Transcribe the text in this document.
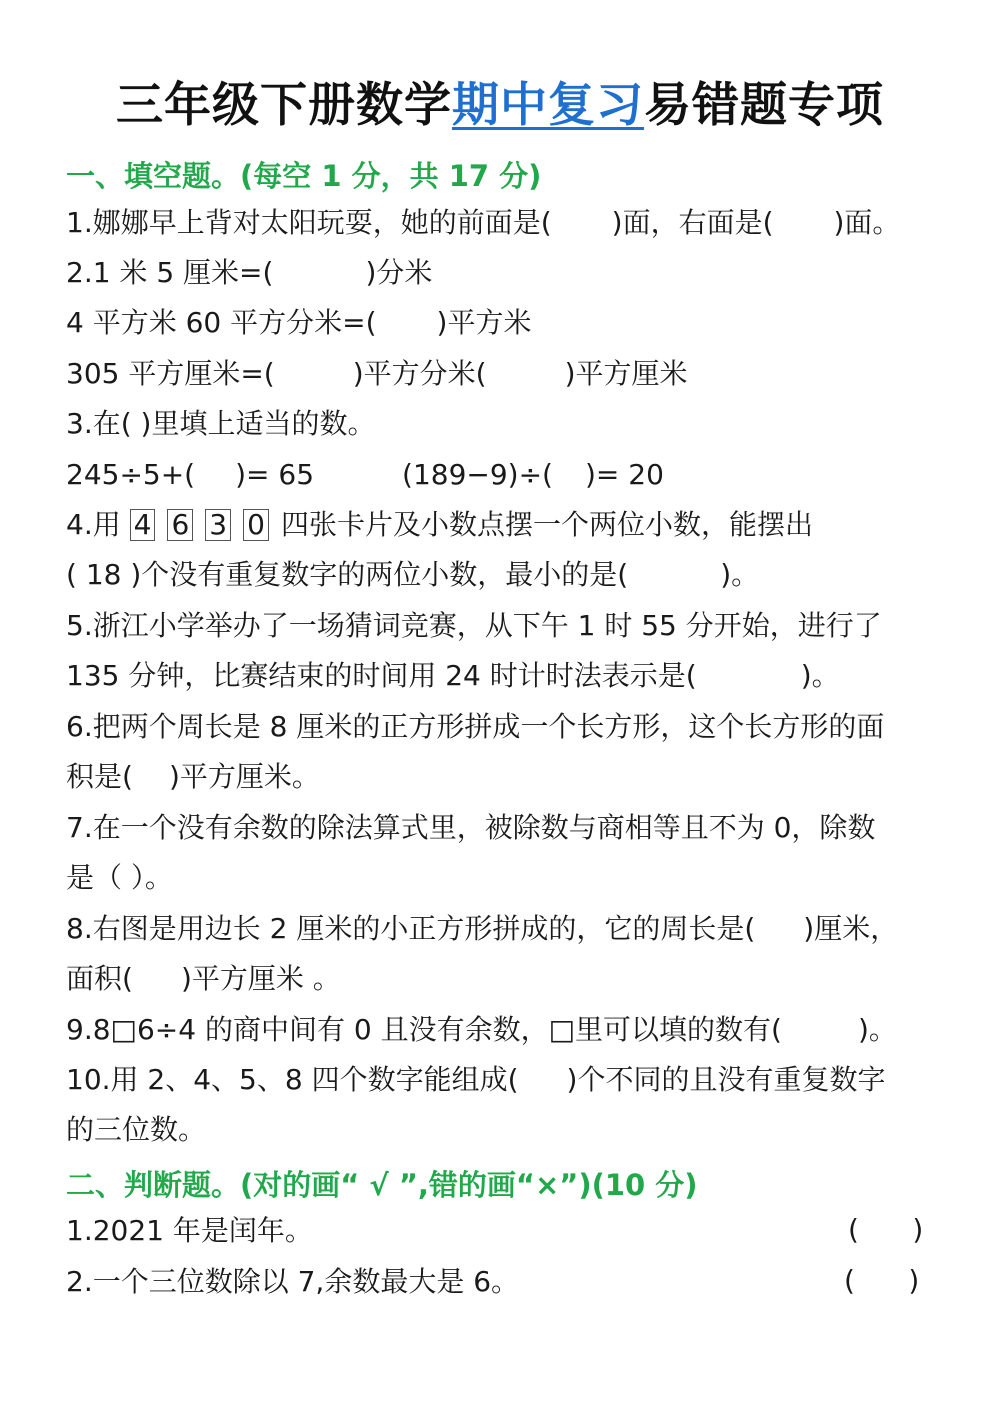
三年级下册数学期中复习易错题专项
一、填空题。(每空 1 分，共 17 分)
1.娜娜早上背对太阳玩耍，她的前面是( )面，右面是( )面。
2.1 米 5 厘米=(	)分米
4 平方米 60 平方分米=( )平方米
305 平方厘米=(	)平方分米(	)平方厘米
3.在( )里填上适当的数。
245÷5+( )= 65	(189−9)÷( )= 20
4.用 4 6 3 0 四张卡片及小数点摆一个两位小数，能摆出
( 18 )个没有重复数字的两位小数，最小的是(	)。
5.浙江小学举办了一场猜词竞赛，从下午 1 时 55 分开始，进行了
135 分钟，比赛结束的时间用 24 时计时法表示是(	)。
6.把两个周长是 8 厘米的正方形拼成一个长方形，这个长方形的面
积是( )平方厘米。
7.在一个没有余数的除法算式里，被除数与商相等且不为 0，除数
是（ ）。
8.右图是用边长 2 厘米的小正方形拼成的，它的周长是( )厘米，
面积( )平方厘米 。
9.8□6÷4 的商中间有 0 且没有余数，□里可以填的数有(	)。
10.用 2、4、5、8 四个数字能组成( )个不同的且没有重复数字
的三位数。
二、判断题。(对的画“ √ ”,错的画“×”)(10 分)
1.2021 年是闰年。	(      )
2.一个三位数除以 7,余数最大是 6。	(      )
